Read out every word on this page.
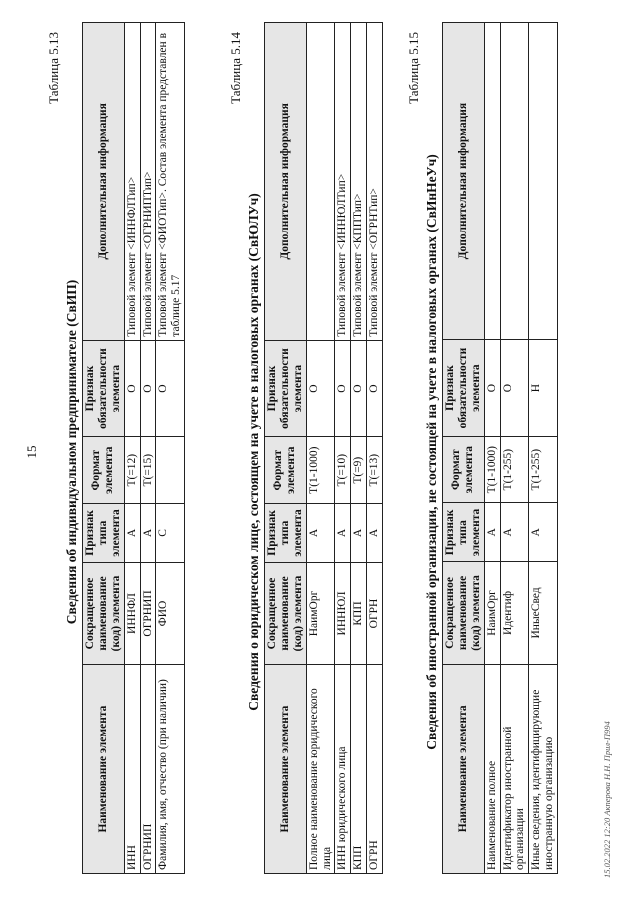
15
Таблица 5.13
Сведения об индивидуальном предпринимателе (СвИП)
Наименование элемента	Сокращенное наименование (код) элемента	Признак типа элемента	Формат элемента	Признак обязательности элемента	Дополнительная информация
ИНН	ИННФЛ	А	T(=12)	О	Типовой элемент <ИННФЛТип>
ОГРНИП	ОГРНИП	А	T(=15)	О	Типовой элемент <ОГРНИПТип>
Фамилия, имя, отчество (при наличии)	ФИО	С		О	Типовой элемент <ФИОТип>. Состав элемента представлен в таблице 5.17
Таблица 5.14
Сведения о юридическом лице, состоящем на учете в налоговых органах (СвЮЛУч)
Наименование элемента	Сокращенное наименование (код) элемента	Признак типа элемента	Формат элемента	Признак обязательности элемента	Дополнительная информация
Полное наименование юридического лица	НаимОрг	А	T(1-1000)	О	
ИНН юридического лица	ИННЮЛ	А	T(=10)	О	Типовой элемент <ИННЮЛТип>
КПП	КПП	А	T(=9)	О	Типовой элемент <КППТип>
ОГРН	ОГРН	А	T(=13)	О	Типовой элемент <ОГРНТип>
Таблица 5.15
Сведения об иностранной организации, не состоящей на учете в налоговых органах (СвИнНеУч)
Наименование элемента	Сокращенное наименование (код) элемента	Признак типа элемента	Формат элемента	Признак обязательности элемента	Дополнительная информация
Наименование полное	НаимОрг	А	T(1-1000)	О	
Идентификатор иностранной организации	Идентиф	А	T(1-255)	О	
Иные сведения, идентифицирующие иностранную организацию	ИныеСвед	А	T(1-255)	Н	
15.02.2022 12:20 Акперова Н.Н. Прил-П994
